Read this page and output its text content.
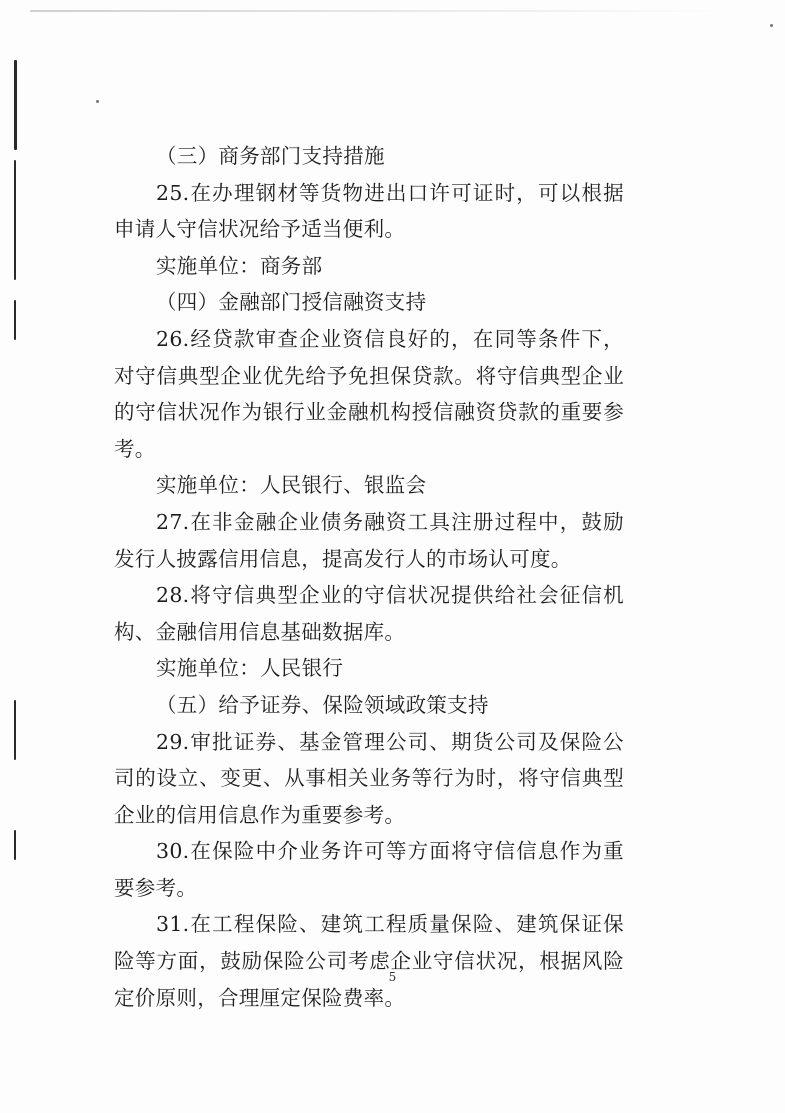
（三）商务部门支持措施
25.在办理钢材等货物进出口许可证时，可以根据申请人守信状况给予适当便利。
实施单位：商务部
（四）金融部门授信融资支持
26.经贷款审查企业资信良好的，在同等条件下，对守信典型企业优先给予免担保贷款。将守信典型企业的守信状况作为银行业金融机构授信融资贷款的重要参考。
实施单位：人民银行、银监会
27.在非金融企业债务融资工具注册过程中，鼓励发行人披露信用信息，提高发行人的市场认可度。
28.将守信典型企业的守信状况提供给社会征信机构、金融信用信息基础数据库。
实施单位：人民银行
（五）给予证券、保险领域政策支持
29.审批证券、基金管理公司、期货公司及保险公司的设立、变更、从事相关业务等行为时，将守信典型企业的信用信息作为重要参考。
30.在保险中介业务许可等方面将守信信息作为重要参考。
31.在工程保险、建筑工程质量保险、建筑保证保险等方面，鼓励保险公司考虑企业守信状况，根据风险定价原则，合理厘定保险费率。
5
